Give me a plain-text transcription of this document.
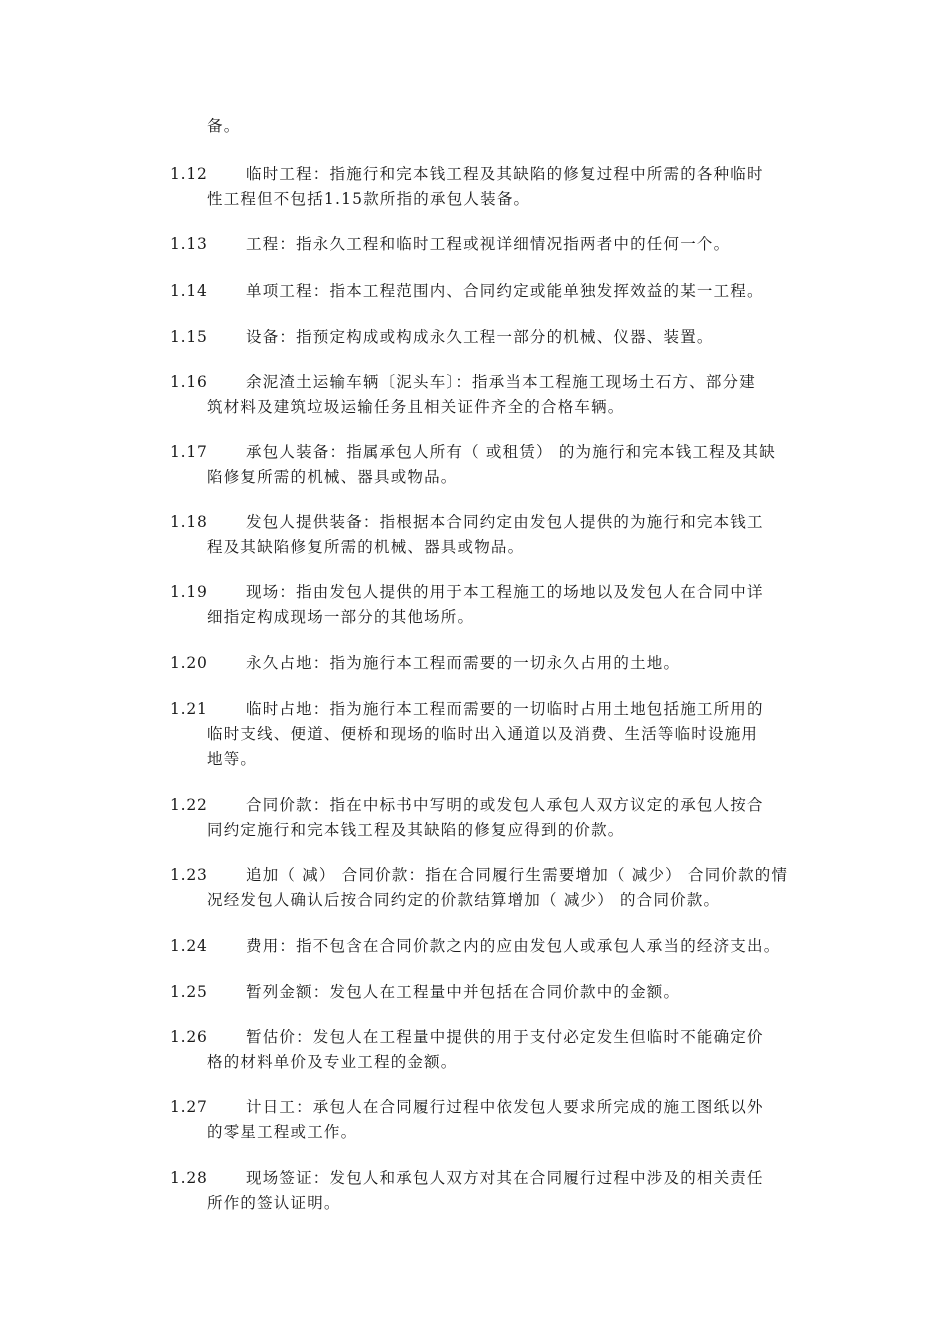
备。
1.12 临时工程：指施行和完本钱工程及其缺陷的修复过程中所需的各种临时
性工程但不包括1.15款所指的承包人装备。
1.13 工程：指永久工程和临时工程或视详细情况指两者中的任何一个。
1.14 单项工程：指本工程范围内、合同约定或能单独发挥效益的某一工程。
1.15 设备：指预定构成或构成永久工程一部分的机械、仪器、装置。
1.16 余泥渣土运输车辆〔泥头车〕：指承当本工程施工现场土石方、部分建
筑材料及建筑垃圾运输任务且相关证件齐全的合格车辆。
1.17 承包人装备：指属承包人所有（ 或租赁） 的为施行和完本钱工程及其缺
陷修复所需的机械、器具或物品。
1.18 发包人提供装备：指根据本合同约定由发包人提供的为施行和完本钱工
程及其缺陷修复所需的机械、器具或物品。
1.19 现场：指由发包人提供的用于本工程施工的场地以及发包人在合同中详
细指定构成现场一部分的其他场所。
1.20 永久占地：指为施行本工程而需要的一切永久占用的土地。
1.21 临时占地：指为施行本工程而需要的一切临时占用土地包括施工所用的
临时支线、便道、便桥和现场的临时出入通道以及消费、生活等临时设施用
地等。
1.22 合同价款：指在中标书中写明的或发包人承包人双方议定的承包人按合
同约定施行和完本钱工程及其缺陷的修复应得到的价款。
1.23 追加（ 减） 合同价款：指在合同履行生需要增加（ 减少） 合同价款的情
况经发包人确认后按合同约定的价款结算增加（ 减少） 的合同价款。
1.24 费用：指不包含在合同价款之内的应由发包人或承包人承当的经济支出。
1.25 暂列金额：发包人在工程量中并包括在合同价款中的金额。
1.26 暂估价：发包人在工程量中提供的用于支付必定发生但临时不能确定价
格的材料单价及专业工程的金额。
1.27 计日工：承包人在合同履行过程中依发包人要求所完成的施工图纸以外
的零星工程或工作。
1.28 现场签证：发包人和承包人双方对其在合同履行过程中涉及的相关责任
所作的签认证明。
